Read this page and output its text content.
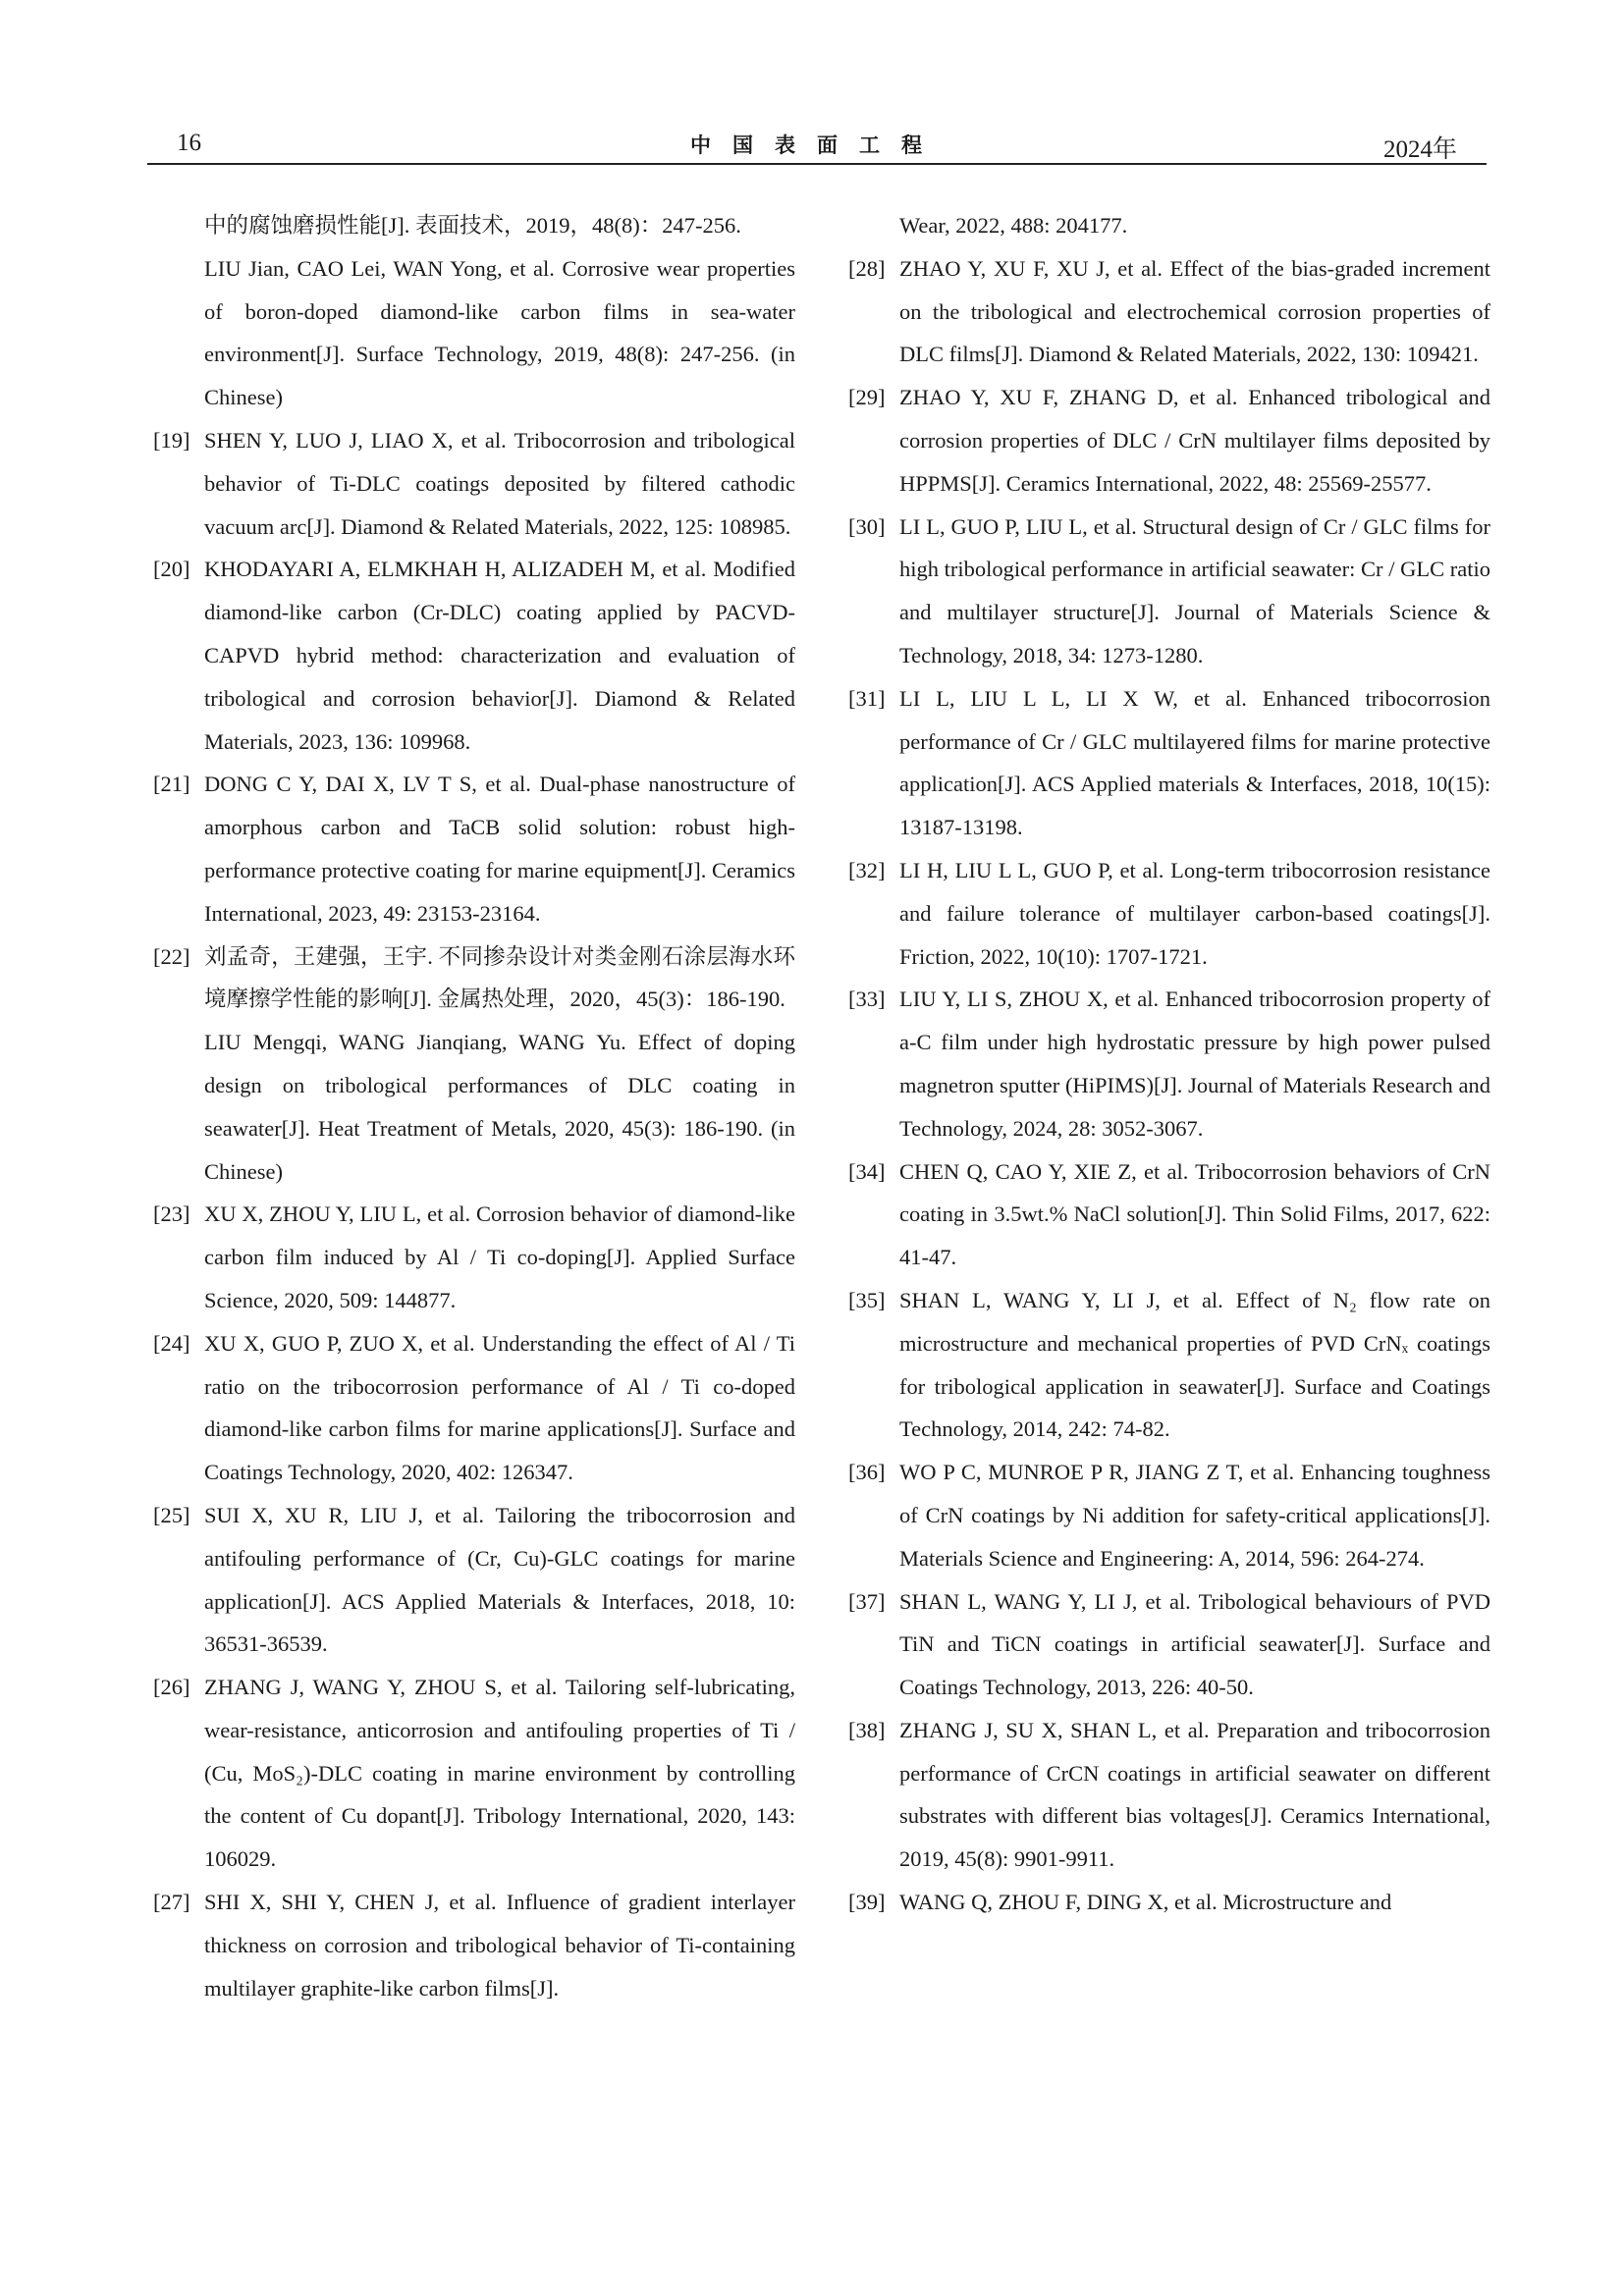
16	中国表面工程	2024年

中的腐蚀磨损性能[J]. 表面技术，2019，48(8)：247-256.

LIU Jian, CAO Lei, WAN Yong, et al. Corrosive wear properties of boron-doped diamond-like carbon films in sea-water environment[J]. Surface Technology, 2019, 48(8): 247-256. (in Chinese)

[19] SHEN Y, LUO J, LIAO X, et al. Tribocorrosion and tribological behavior of Ti-DLC coatings deposited by filtered cathodic vacuum arc[J]. Diamond & Related Materials, 2022, 125: 108985.

[20] KHODAYARI A, ELMKHAH H, ALIZADEH M, et al. Modified diamond-like carbon (Cr-DLC) coating applied by PACVD-CAPVD hybrid method: characterization and evaluation of tribological and corrosion behavior[J]. Diamond & Related Materials, 2023, 136: 109968.

[21] DONG C Y, DAI X, LV T S, et al. Dual-phase nanostructure of amorphous carbon and TaCB solid solution: robust high-performance protective coating for marine equipment[J]. Ceramics International, 2023, 49: 23153-23164.

[22] 刘孟奇，王建强，王宇. 不同掺杂设计对类金刚石涂层海水环境摩擦学性能的影响[J]. 金属热处理，2020，45(3)：186-190.

LIU Mengqi, WANG Jianqiang, WANG Yu. Effect of doping design on tribological performances of DLC coating in seawater[J]. Heat Treatment of Metals, 2020, 45(3): 186-190. (in Chinese)

[23] XU X, ZHOU Y, LIU L, et al. Corrosion behavior of diamond-like carbon film induced by Al / Ti co-doping[J]. Applied Surface Science, 2020, 509: 144877.

[24] XU X, GUO P, ZUO X, et al. Understanding the effect of Al / Ti ratio on the tribocorrosion performance of Al / Ti co-doped diamond-like carbon films for marine applications[J]. Surface and Coatings Technology, 2020, 402: 126347.

[25] SUI X, XU R, LIU J, et al. Tailoring the tribocorrosion and antifouling performance of (Cr, Cu)-GLC coatings for marine application[J]. ACS Applied Materials & Interfaces, 2018, 10: 36531-36539.

[26] ZHANG J, WANG Y, ZHOU S, et al. Tailoring self-lubricating, wear-resistance, anticorrosion and antifouling properties of Ti / (Cu, MoS₂)-DLC coating in marine environment by controlling the content of Cu dopant[J]. Tribology International, 2020, 143: 106029.

[27] SHI X, SHI Y, CHEN J, et al. Influence of gradient interlayer thickness on corrosion and tribological behavior of Ti-containing multilayer graphite-like carbon films[J].

Wear, 2022, 488: 204177.

[28] ZHAO Y, XU F, XU J, et al. Effect of the bias-graded increment on the tribological and electrochemical corrosion properties of DLC films[J]. Diamond & Related Materials, 2022, 130: 109421.

[29] ZHAO Y, XU F, ZHANG D, et al. Enhanced tribological and corrosion properties of DLC / CrN multilayer films deposited by HPPMS[J]. Ceramics International, 2022, 48: 25569-25577.

[30] LI L, GUO P, LIU L, et al. Structural design of Cr / GLC films for high tribological performance in artificial seawater: Cr / GLC ratio and multilayer structure[J]. Journal of Materials Science & Technology, 2018, 34: 1273-1280.

[31] LI L, LIU L L, LI X W, et al. Enhanced tribocorrosion performance of Cr / GLC multilayered films for marine protective application[J]. ACS Applied materials & Interfaces, 2018, 10(15): 13187-13198.

[32] LI H, LIU L L, GUO P, et al. Long-term tribocorrosion resistance and failure tolerance of multilayer carbon-based coatings[J]. Friction, 2022, 10(10): 1707-1721.

[33] LIU Y, LI S, ZHOU X, et al. Enhanced tribocorrosion property of a-C film under high hydrostatic pressure by high power pulsed magnetron sputter (HiPIMS)[J]. Journal of Materials Research and Technology, 2024, 28: 3052-3067.

[34] CHEN Q, CAO Y, XIE Z, et al. Tribocorrosion behaviors of CrN coating in 3.5wt.% NaCl solution[J]. Thin Solid Films, 2017, 622: 41-47.

[35] SHAN L, WANG Y, LI J, et al. Effect of N₂ flow rate on microstructure and mechanical properties of PVD CrNₓ coatings for tribological application in seawater[J]. Surface and Coatings Technology, 2014, 242: 74-82.

[36] WO P C, MUNROE P R, JIANG Z T, et al. Enhancing toughness of CrN coatings by Ni addition for safety-critical applications[J]. Materials Science and Engineering: A, 2014, 596: 264-274.

[37] SHAN L, WANG Y, LI J, et al. Tribological behaviours of PVD TiN and TiCN coatings in artificial seawater[J]. Surface and Coatings Technology, 2013, 226: 40-50.

[38] ZHANG J, SU X, SHAN L, et al. Preparation and tribocorrosion performance of CrCN coatings in artificial seawater on different substrates with different bias voltages[J]. Ceramics International, 2019, 45(8): 9901-9911.

[39] WANG Q, ZHOU F, DING X, et al. Microstructure and
